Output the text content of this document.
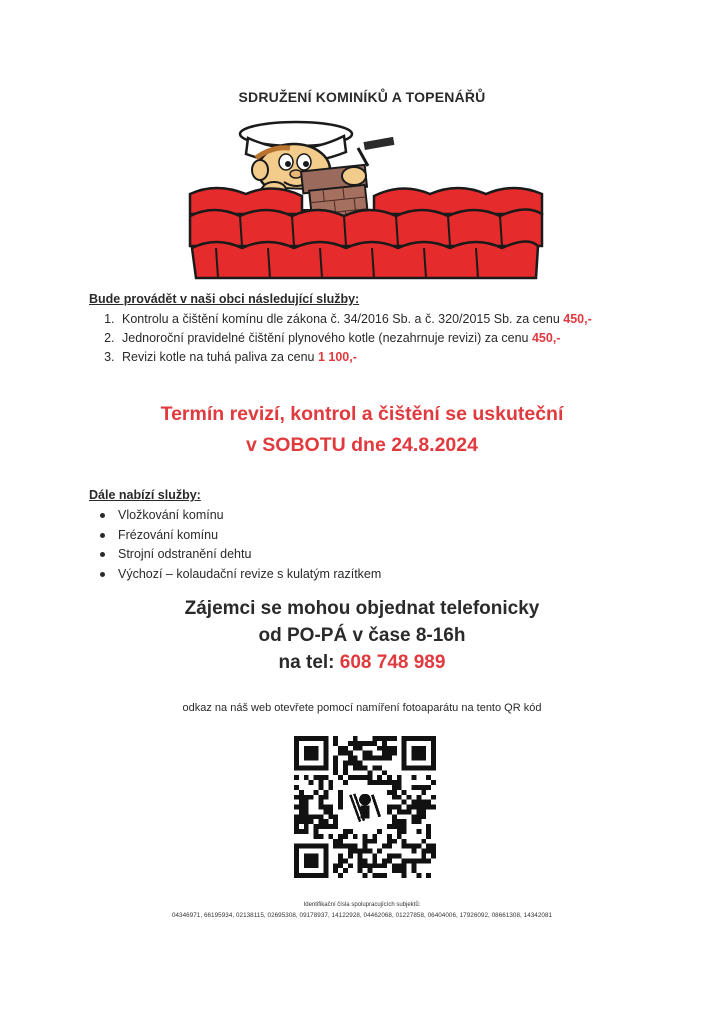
SDRUŽENÍ KOMINÍKŮ A TOPENÁŘŮ
Bude provádět v naši obci následující služby:
1. Kontrolu a čištění komínu dle zákona č. 34/2016 Sb. a č. 320/2015 Sb. za cenu 450,-
2. Jednoroční pravidelné čištění plynového kotle (nezahrnuje revizi) za cenu 450,-
3. Revizi kotle na tuhá paliva za cenu 1 100,-
Termín revizí, kontrol a čištění se uskuteční
v SOBOTU dne 24.8.2024
Dále nabízí služby:
Vložkování komínu
Frézování komínu
Strojní odstranění dehtu
Výchozí – kolaudační revize s kulatým razítkem
Zájemci se mohou objednat telefonicky
od PO-PÁ v čase 8-16h
na tel: 608 748 989
odkaz na náš web otevřete pomocí namíření fotoaparátu na tento QR kód
Identifikační čísla spolupracujících subjektů:
04346971, 66195934, 02138115, 02695308, 09178937, 14122928, 04462068, 01227858, 06404006, 17926092, 08661308, 14342081
